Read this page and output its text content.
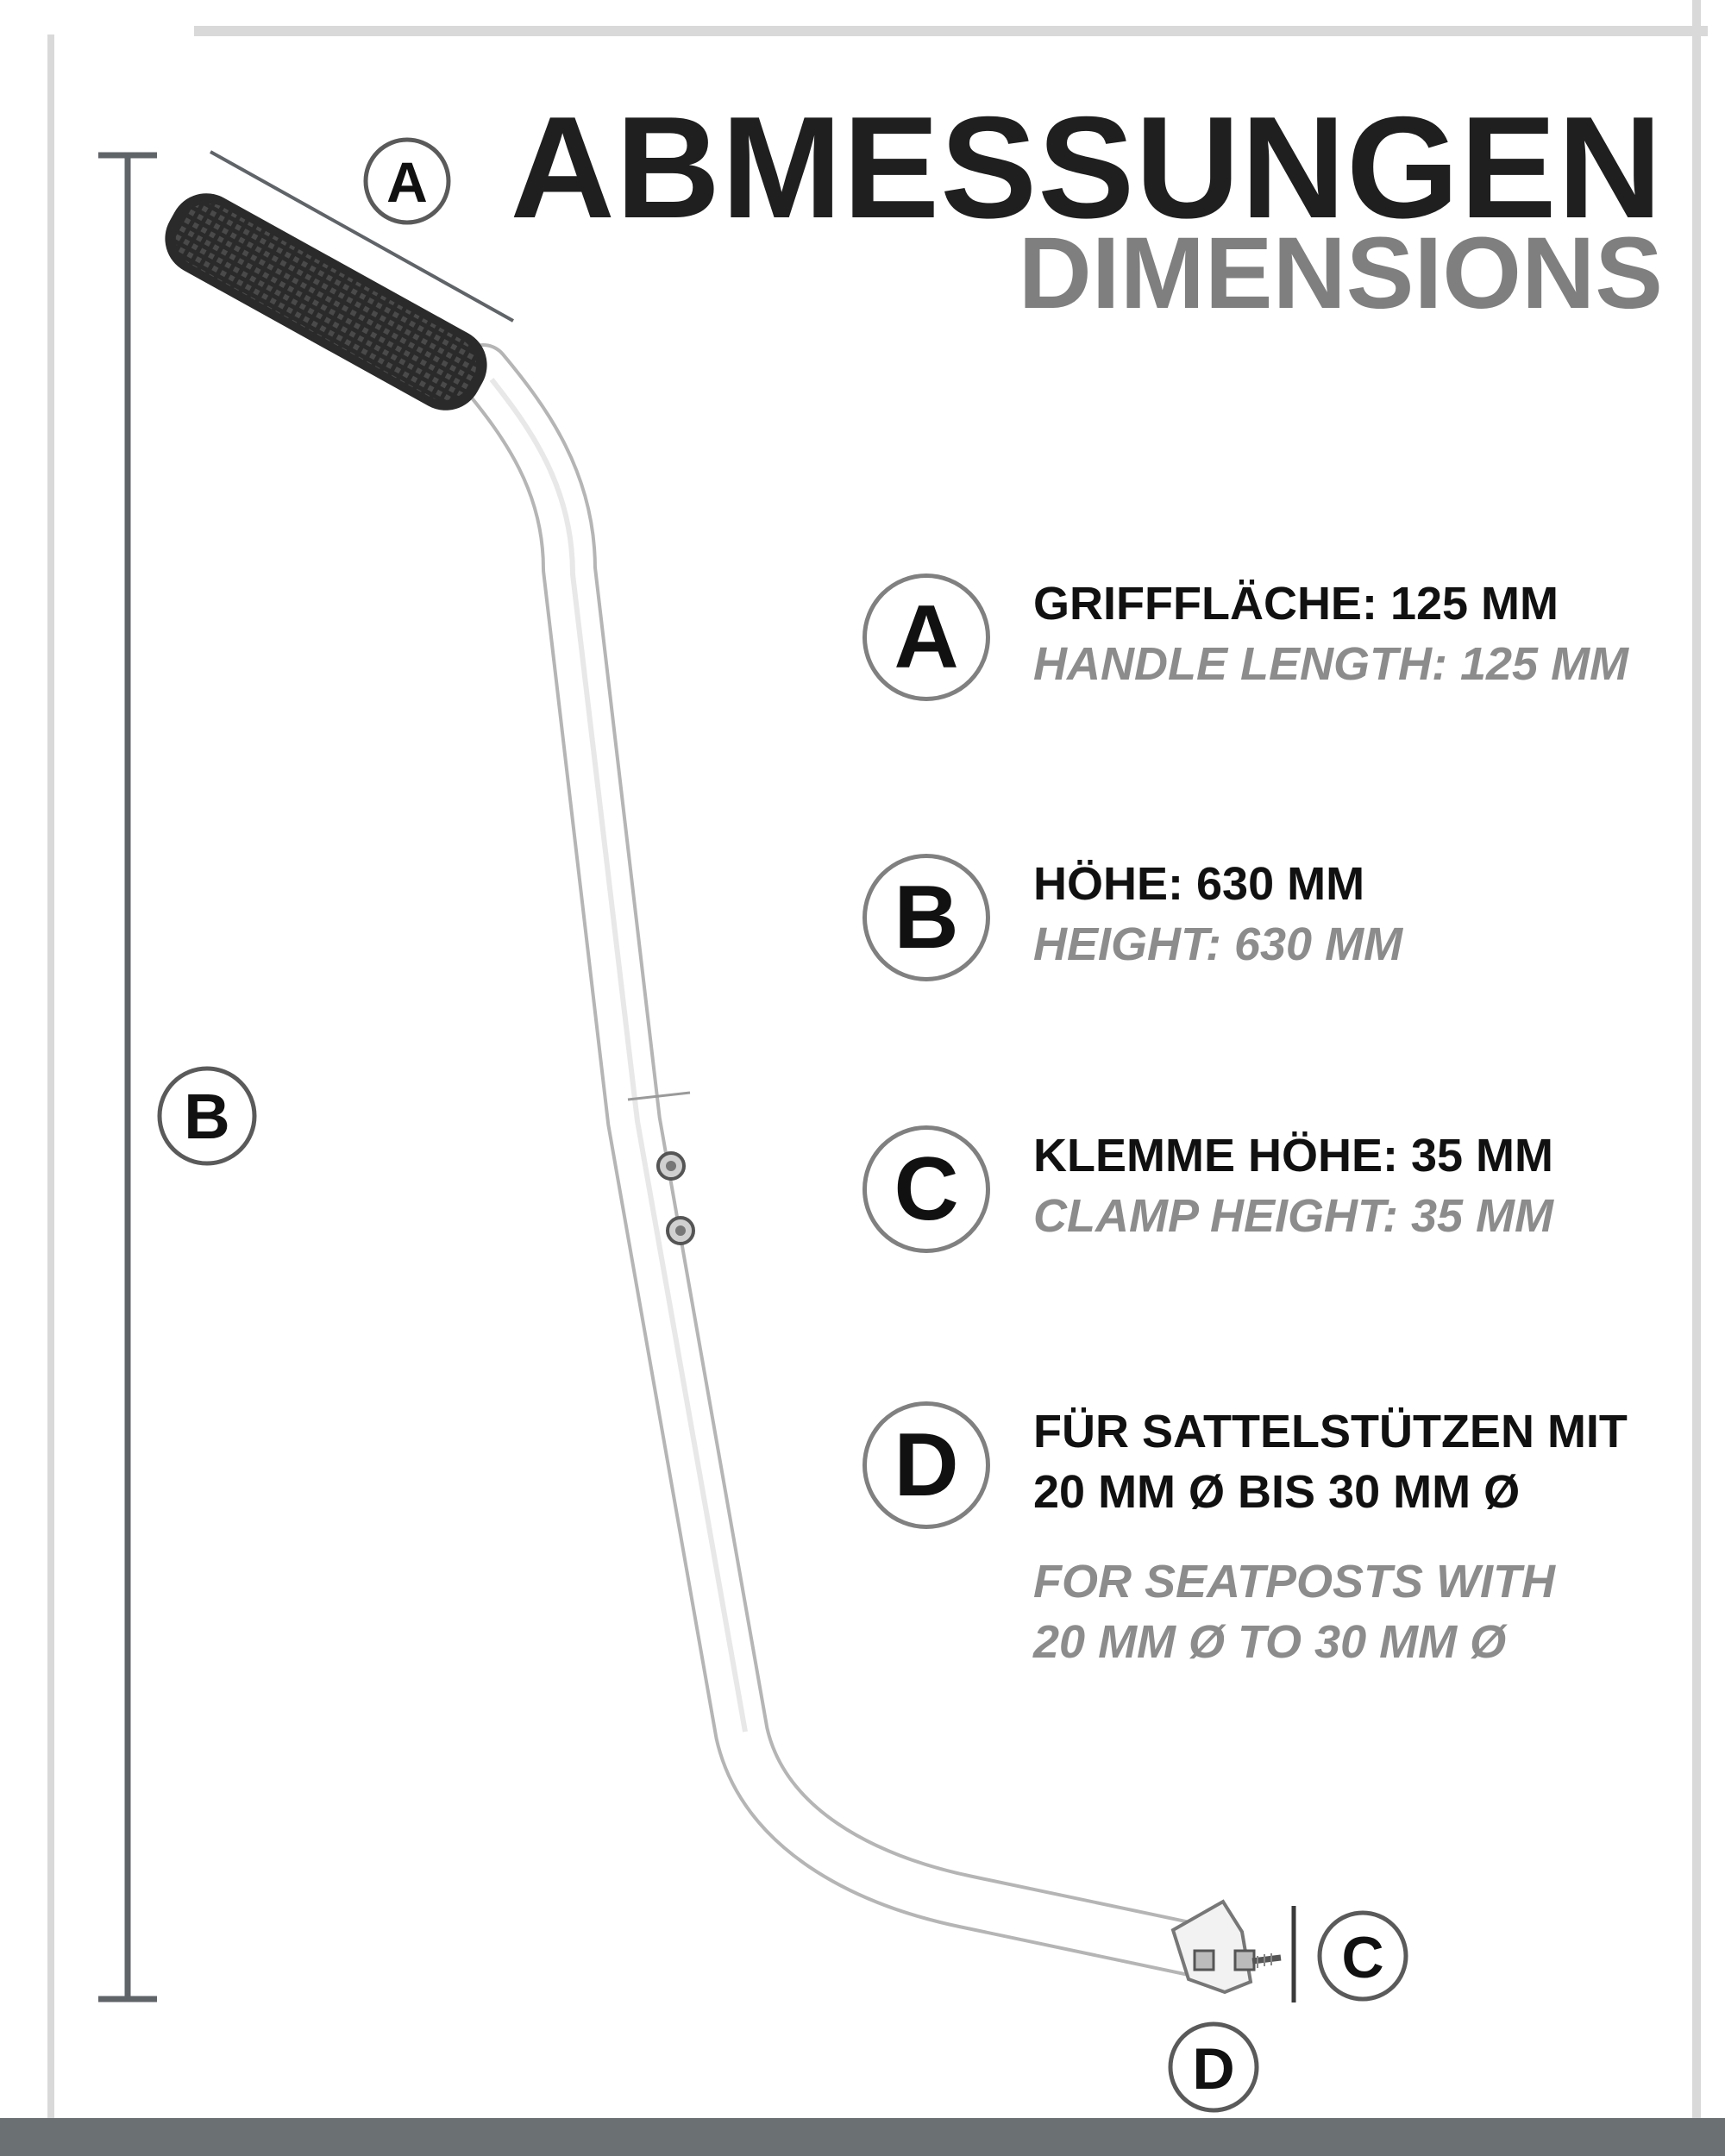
ABMESSUNGEN
DIMENSIONS
A
B
C
D
A	GRIFFFLÄCHE: 125 MM
HANDLE LENGTH: 125 MM
B	HÖHE: 630 MM
HEIGHT: 630 MM
C	KLEMME HÖHE: 35 MM
CLAMP HEIGHT: 35 MM
D	FÜR SATTELSTÜTZEN MIT
20 MM Ø BIS 30 MM Ø
FOR SEATPOSTS WITH
20 MM Ø TO 30 MM Ø
